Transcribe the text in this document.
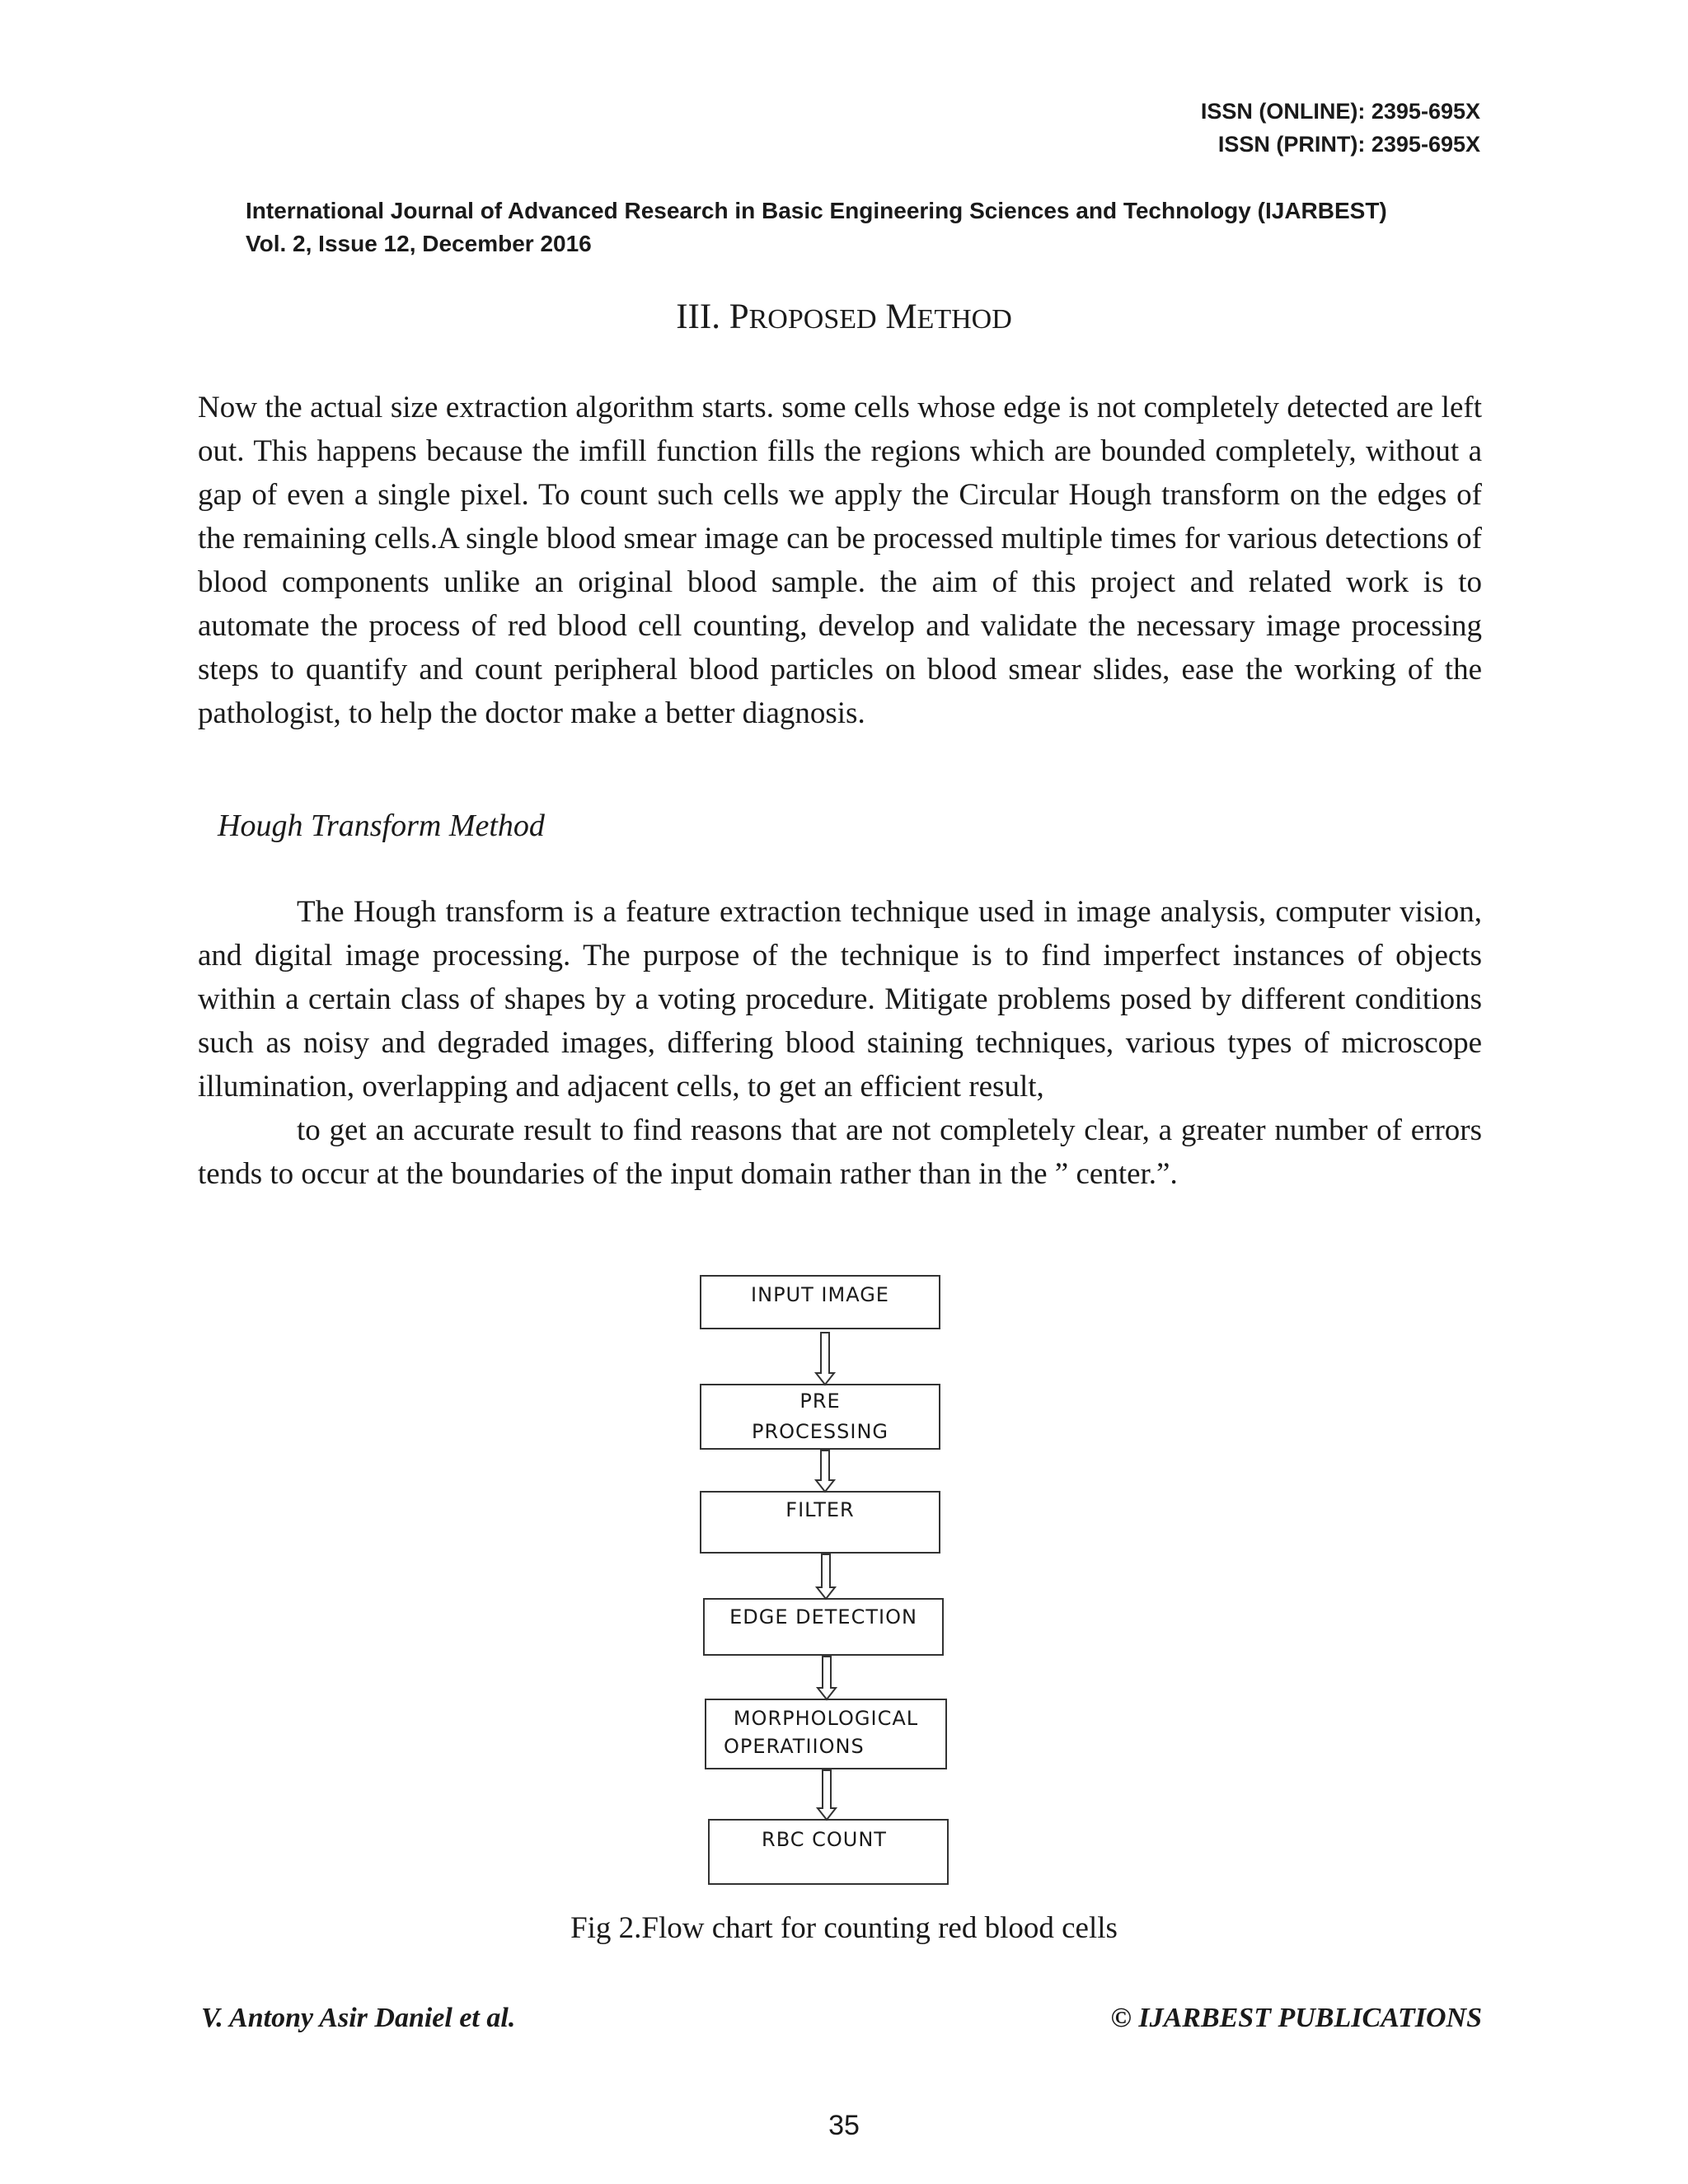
ISSN (ONLINE): 2395-695X
ISSN (PRINT): 2395-695X
International Journal of Advanced Research in Basic Engineering Sciences and Technology (IJARBEST)
Vol. 2, Issue 12, December 2016
III. PROPOSED METHOD

Now the actual size extraction algorithm starts. some cells whose edge is not completely detected are left out. This happens because the imfill function fills the regions which are bounded completely, without a gap of even a single pixel. To count such cells we apply the Circular Hough transform on the edges of the remaining cells.A single blood smear image can be processed multiple times for various detections of blood components unlike an original blood sample. the aim of this project and related work is to automate the process of red blood cell counting, develop and validate the necessary image processing steps to quantify and count peripheral blood particles on blood smear slides, ease the working of the pathologist, to help the doctor make a better diagnosis.

Hough Transform Method

The Hough transform is a feature extraction technique used in image analysis, computer vision, and digital image processing. The purpose of the technique is to find imperfect instances of objects within a certain class of shapes by a voting procedure. Mitigate problems posed by different conditions such as noisy and degraded images, differing blood staining techniques, various types of microscope illumination, overlapping and adjacent cells, to get an efficient result,

to get an accurate result to find reasons that are not completely clear, a greater number of errors tends to occur at the boundaries of the input domain rather than in the ” center.”.

INPUT IMAGE
PRE
PROCESSING
FILTER
EDGE DETECTION
MORPHOLOGICAL
OPERATIIONS
RBC COUNT
Fig 2.Flow chart for counting red blood cells
V. Antony Asir Daniel et al.	© IJARBEST PUBLICATIONS
35
